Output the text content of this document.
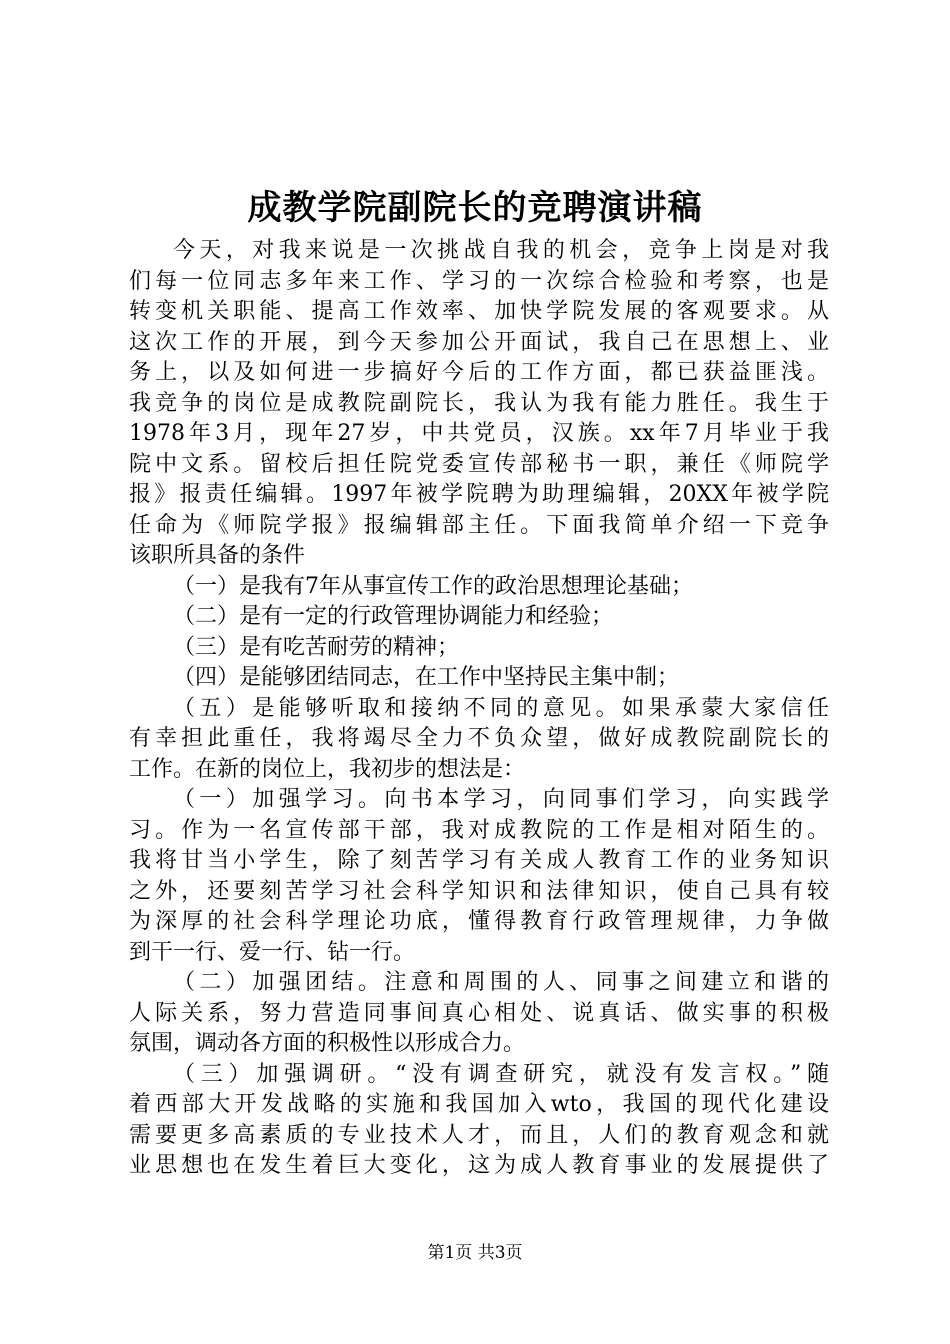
成教学院副院长的竞聘演讲稿
今天，对我来说是一次挑战自我的机会，竞争上岗是对我
们每一位同志多年来工作、学习的一次综合检验和考察，也是
转变机关职能、提高工作效率、加快学院发展的客观要求。从
这次工作的开展，到今天参加公开面试，我自己在思想上、业
务上，以及如何进一步搞好今后的工作方面，都已获益匪浅。
我竞争的岗位是成教院副院长，我认为我有能力胜任。我生于
1978年3月，现年27岁，中共党员，汉族。xx年7月毕业于我
院中文系。留校后担任院党委宣传部秘书一职，兼任《师院学
报》报责任编辑。1997年被学院聘为助理编辑，20XX年被学院
任命为《师院学报》报编辑部主任。下面我简单介绍一下竞争
该职所具备的条件
（一）是我有7年从事宣传工作的政治思想理论基础；
（二）是有一定的行政管理协调能力和经验；
（三）是有吃苦耐劳的精神；
（四）是能够团结同志，在工作中坚持民主集中制；
（五）是能够听取和接纳不同的意见。如果承蒙大家信任
有幸担此重任，我将竭尽全力不负众望，做好成教院副院长的
工作。在新的岗位上，我初步的想法是：
（一）加强学习。向书本学习，向同事们学习，向实践学
习。作为一名宣传部干部，我对成教院的工作是相对陌生的。
我将甘当小学生，除了刻苦学习有关成人教育工作的业务知识
之外，还要刻苦学习社会科学知识和法律知识，使自己具有较
为深厚的社会科学理论功底，懂得教育行政管理规律，力争做
到干一行、爱一行、钻一行。
（二）加强团结。注意和周围的人、同事之间建立和谐的
人际关系，努力营造同事间真心相处、说真话、做实事的积极
氛围，调动各方面的积极性以形成合力。
（三）加强调研。“没有调查研究，就没有发言权。”随
着西部大开发战略的实施和我国加入wto，我国的现代化建设
需要更多高素质的专业技术人才，而且，人们的教育观念和就
业思想也在发生着巨大变化，这为成人教育事业的发展提供了
第1页 共3页
